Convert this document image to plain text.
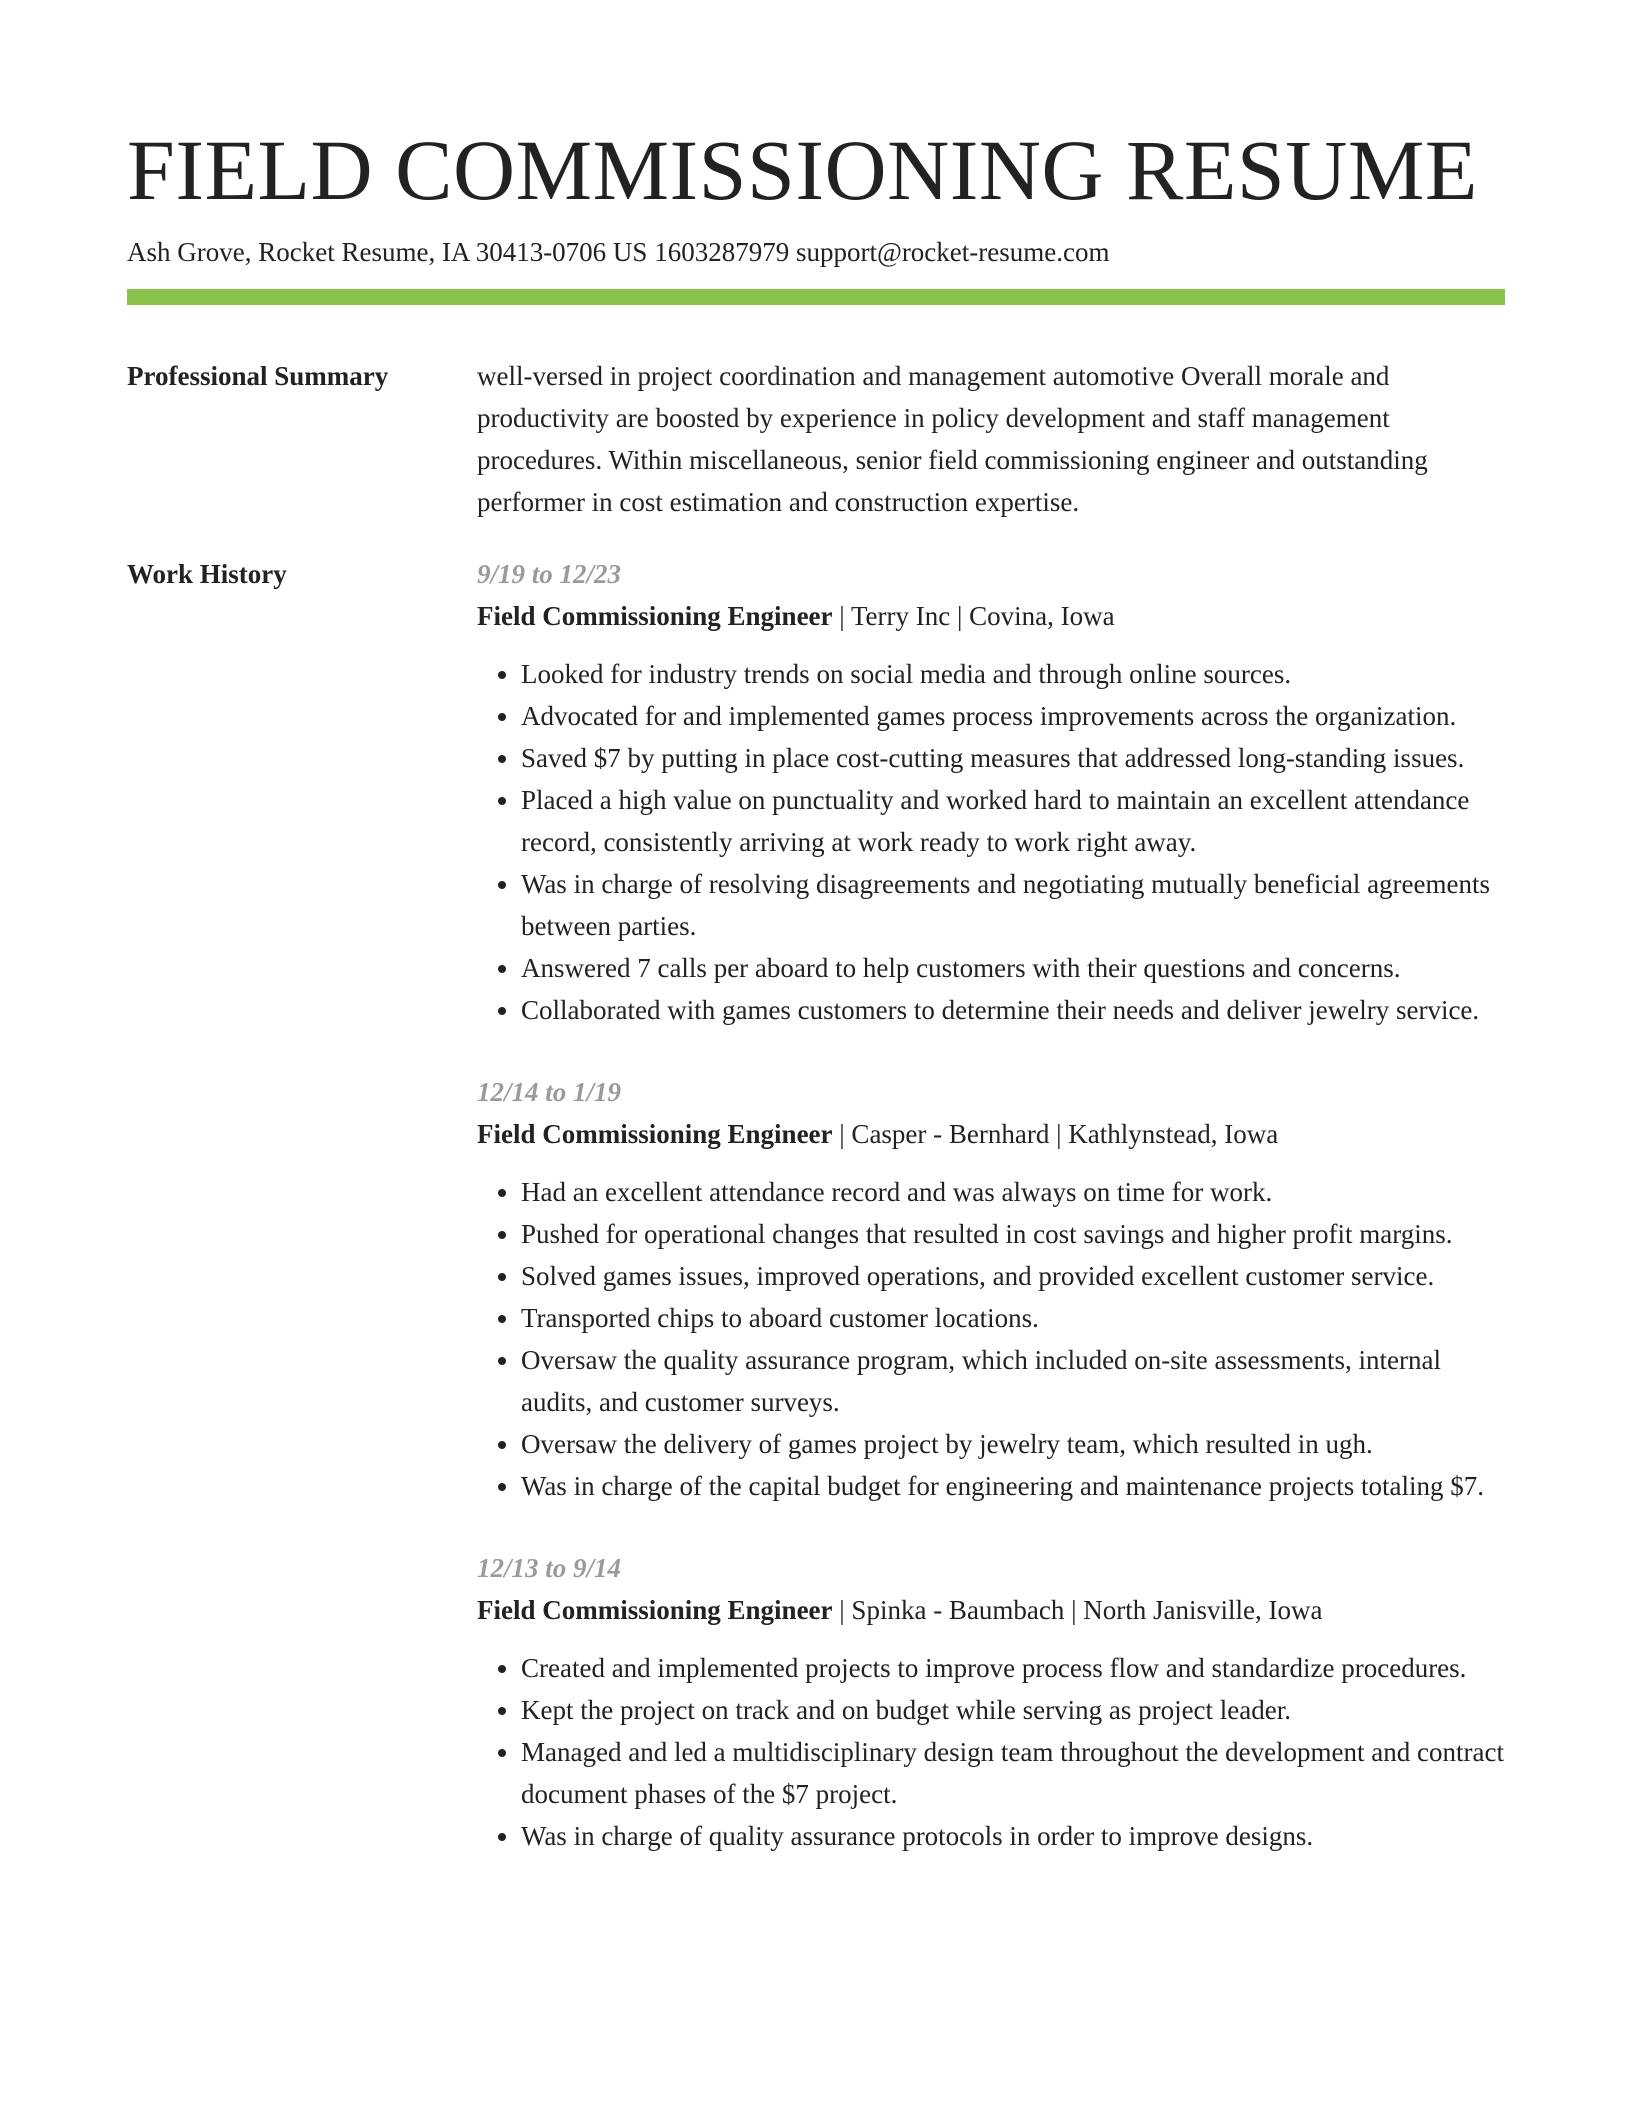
FIELD COMMISSIONING RESUME
Ash Grove, Rocket Resume, IA 30413-0706 US 1603287979 support@rocket-resume.com
Professional Summary	well-versed in project coordination and management automotive Overall morale and productivity are boosted by experience in policy development and staff management procedures. Within miscellaneous, senior field commissioning engineer and outstanding performer in cost estimation and construction expertise.

Work History	9/19 to 12/23
Field Commissioning Engineer | Terry Inc | Covina, Iowa
• Looked for industry trends on social media and through online sources.
• Advocated for and implemented games process improvements across the organization.
• Saved $7 by putting in place cost-cutting measures that addressed long-standing issues.
• Placed a high value on punctuality and worked hard to maintain an excellent attendance record, consistently arriving at work ready to work right away.
• Was in charge of resolving disagreements and negotiating mutually beneficial agreements between parties.
• Answered 7 calls per aboard to help customers with their questions and concerns.
• Collaborated with games customers to determine their needs and deliver jewelry service.
12/14 to 1/19
Field Commissioning Engineer | Casper - Bernhard | Kathlynstead, Iowa
• Had an excellent attendance record and was always on time for work.
• Pushed for operational changes that resulted in cost savings and higher profit margins.
• Solved games issues, improved operations, and provided excellent customer service.
• Transported chips to aboard customer locations.
• Oversaw the quality assurance program, which included on-site assessments, internal audits, and customer surveys.
• Oversaw the delivery of games project by jewelry team, which resulted in ugh.
• Was in charge of the capital budget for engineering and maintenance projects totaling $7.
12/13 to 9/14
Field Commissioning Engineer | Spinka - Baumbach | North Janisville, Iowa
• Created and implemented projects to improve process flow and standardize procedures.
• Kept the project on track and on budget while serving as project leader.
• Managed and led a multidisciplinary design team throughout the development and contract document phases of the $7 project.
• Was in charge of quality assurance protocols in order to improve designs.
